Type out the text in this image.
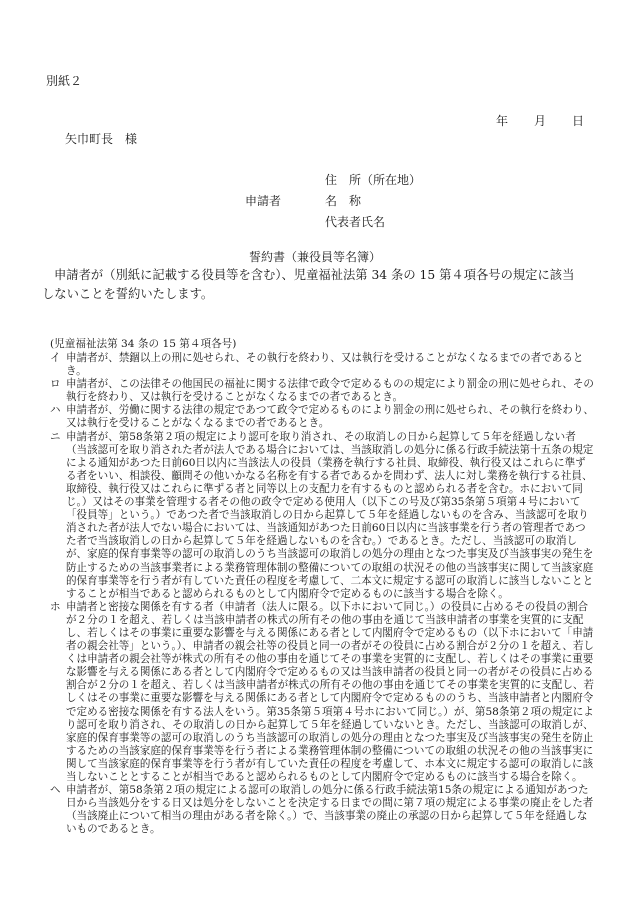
別紙２
年 月 日
矢巾町長　様
住　所（所在地）
申請者	名　称
代表者氏名
誓約書（兼役員等名簿）
申請者が（別紙に記載する役員等を含む）、児童福祉法第 34 条の 15 第４項各号の規定に該当しないことを誓約いたします。
(児童福祉法第 34 条の 15 第４項各号)
イ 申請者が、禁錮以上の刑に処せられ、その執行を終わり、又は執行を受けることがなくなるまでの者であるとき。
ロ 申請者が、この法律その他国民の福祉に関する法律で政令で定めるものの規定により罰金の刑に処せられ、その執行を終わり、又は執行を受けることがなくなるまでの者であるとき。
ハ 申請者が、労働に関する法律の規定であつて政令で定めるものにより罰金の刑に処せられ、その執行を終わり、又は執行を受けることがなくなるまでの者であるとき。
ニ 申請者が、第58条第２項の規定により認可を取り消され、その取消しの日から起算して５年を経過しない者（当該認可を取り消された者が法人である場合においては、当該取消しの処分に係る行政手続法第十五条の規定による通知があつた日前60日以内に当該法人の役員（業務を執行する社員、取締役、執行役又はこれらに準ずる者をいい、相談役、顧問その他いかなる名称を有する者であるかを問わず、法人に対し業務を執行する社員、取締役、執行役又はこれらに準ずる者と同等以上の支配力を有するものと認められる者を含む。ホにおいて同じ。）又はその事業を管理する者その他の政令で定める使用人（以下この号及び第35条第５項第４号において「役員等」という。）であつた者で当該取消しの日から起算して５年を経過しないものを含み、当該認可を取り消された者が法人でない場合においては、当該通知があつた日前60日以内に当該事業を行う者の管理者であつた者で当該取消しの日から起算して５年を経過しないものを含む。）であるとき。ただし、当該認可の取消しが、家庭的保育事業等の認可の取消しのうち当該認可の取消しの処分の理由となつた事実及び当該事実の発生を防止するための当該事業者による業務管理体制の整備についての取組の状況その他の当該事実に関して当該家庭的保育事業等を行う者が有していた責任の程度を考慮して、二本文に規定する認可の取消しに該当しないこととすることが相当であると認められるものとして内閣府令で定めるものに該当する場合を除く。
ホ 申請者と密接な関係を有する者（申請者（法人に限る。以下ホにおいて同じ。）の役員に占めるその役員の割合が２分の１を超え、若しくは当該申請者の株式の所有その他の事由を通じて当該申請者の事業を実質的に支配し、若しくはその事業に重要な影響を与える関係にある者として内閣府令で定めるもの（以下ホにおいて「申請者の親会社等」という。）、申請者の親会社等の役員と同一の者がその役員に占める割合が２分の１を超え、若しくは申請者の親会社等が株式の所有その他の事由を通じてその事業を実質的に支配し、若しくはその事業に重要な影響を与える関係にある者として内閣府令で定めるもの又は当該申請者の役員と同一の者がその役員に占める割合が２分の１を超え、若しくは当該申請者が株式の所有その他の事由を通じてその事業を実質的に支配し、若しくはその事業に重要な影響を与える関係にある者として内閣府令で定めるもののうち、当該申請者と内閣府令で定める密接な関係を有する法人をいう。第35条第５項第４号ホにおいて同じ。）が、第58条第２項の規定により認可を取り消され、その取消しの日から起算して５年を経過していないとき。ただし、当該認可の取消しが、家庭的保育事業等の認可の取消しのうち当該認可の取消しの処分の理由となつた事実及び当該事実の発生を防止するための当該家庭的保育事業等を行う者による業務管理体制の整備についての取組の状況その他の当該事実に関して当該家庭的保育事業等を行う者が有していた責任の程度を考慮して、ホ本文に規定する認可の取消しに該当しないこととすることが相当であると認められるものとして内閣府令で定めるものに該当する場合を除く。
ヘ 申請者が、第58条第２項の規定による認可の取消しの処分に係る行政手続法第15条の規定による通知があつた日から当該処分をする日又は処分をしないことを決定する日までの間に第７項の規定による事業の廃止をした者（当該廃止について相当の理由がある者を除く。）で、当該事業の廃止の承認の日から起算して５年を経過しないものであるとき。
